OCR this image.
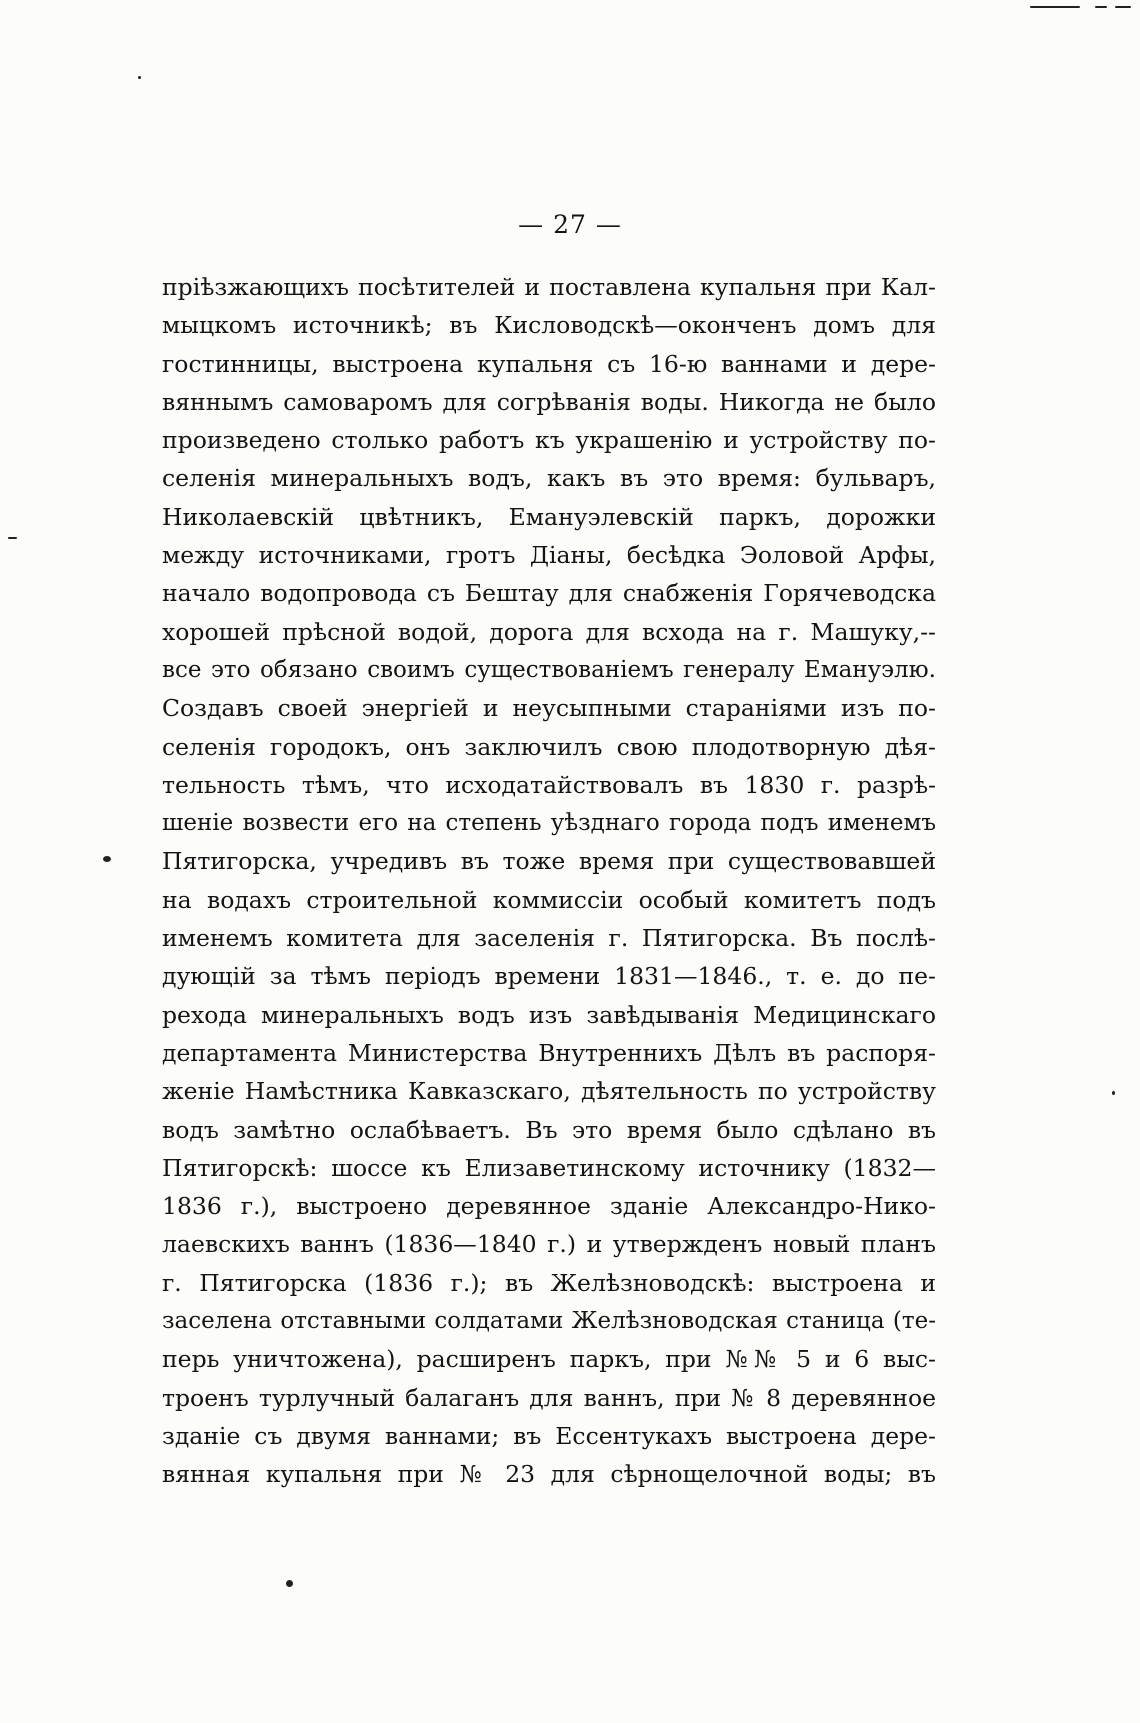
— 27 —
пріѣзжающихъ посѣтителей и поставлена купальня при Кал-
мыцкомъ источникѣ; въ Кисловодскѣ—оконченъ домъ для
гостинницы, выстроена купальня съ 16-ю ваннами и дере-
вяннымъ самоваромъ для согрѣванія воды. Никогда не было
произведено столько работъ къ украшенію и устройству по-
селенія минеральныхъ водъ, какъ въ это время: бульваръ,
Николаевскій цвѣтникъ, Емануэлевскій паркъ, дорожки
между источниками, гротъ Діаны, бесѣдка Эоловой Арфы,
начало водопровода съ Бештау для снабженія Горячеводска
хорошей прѣсной водой, дорога для всхода на г. Машуку,--
все это обязано своимъ существованіемъ генералу Емануэлю.
Создавъ своей энергіей и неусыпными стараніями изъ по-
селенія городокъ, онъ заключилъ свою плодотворную дѣя-
тельность тѣмъ, что исходатайствовалъ въ 1830 г. разрѣ-
шеніе возвести его на степень уѣзднаго города подъ именемъ
Пятигорска, учредивъ въ тоже время при существовавшей
на водахъ строительной коммиссіи особый комитетъ подъ
именемъ комитета для заселенія г. Пятигорска. Въ послѣ-
дующій за тѣмъ періодъ времени 1831—1846., т. е. до пе-
рехода минеральныхъ водъ изъ завѣдыванія Медицинскаго
департамента Министерства Внутреннихъ Дѣлъ въ распоря-
женіе Намѣстника Кавказскаго, дѣятельность по устройству
водъ замѣтно ослабѣваетъ. Въ это время было сдѣлано въ
Пятигорскѣ: шоссе къ Елизаветинскому источнику (1832—
1836 г.), выстроено деревянное зданіе Александро-Нико-
лаевскихъ ваннъ (1836—1840 г.) и утвержденъ новый планъ
г. Пятигорска (1836 г.); въ Желѣзноводскѣ: выстроена и
заселена отставными солдатами Желѣзноводская станица (те-
перь уничтожена), расширенъ паркъ, при №№ 5 и 6 выс-
троенъ турлучный балаганъ для ваннъ, при № 8 деревянное
зданіе съ двумя ваннами; въ Ессентукахъ выстроена дере-
вянная купальня при № 23 для сѣрнощелочной воды; въ
